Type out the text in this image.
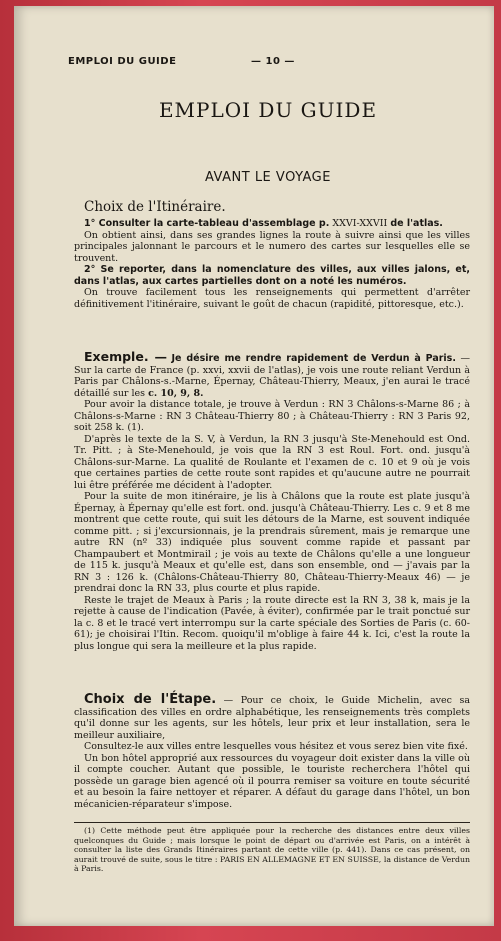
EMPLOI DU GUIDE	— 10 —
EMPLOI DU GUIDE
AVANT LE VOYAGE
Choix de l'Itinéraire.

1° Consulter la carte-tableau d'assemblage p. XXVI-XXVII de l'atlas.

On obtient ainsi, dans ses grandes lignes la route à suivre ainsi que les villes principales jalonnant le parcours et le numero des cartes sur lesquelles elle se trouvent.

2° Se reporter, dans la nomenclature des villes, aux villes jalons, et, dans l'atlas, aux cartes partielles dont on a noté les numéros.

On trouve facilement tous les renseignements qui permettent d'arrêter définitivement l'itinéraire, suivant le goût de chacun (rapidité, pittoresque, etc.).

Exemple. — Je désire me rendre rapidement de Verdun à Paris. — Sur la carte de France (p. xxvi, xxvii de l'atlas), je vois une route reliant Verdun à Paris par Châlons-s.-Marne, Épernay, Château-Thierry, Meaux, j'en aurai le tracé détaillé sur les c. 10, 9, 8.

Pour avoir la distance totale, je trouve à Verdun : RN 3 Châlons-s-Marne 86 ; à Châlons-s-Marne : RN 3 Château-Thierry 80 ; à Château-Thierry : RN 3 Paris 92, soit 258 k. (1).

D'après le texte de la S. V, à Verdun, la RN 3 jusqu'à Ste-Menehould est Ond. Tr. Pitt. ; à Ste-Menehould, je vois que la RN 3 est Roul. Fort. ond. jusqu'à Châlons-sur-Marne. La qualité de Roulante et l'examen de c. 10 et 9 où je vois que certaines parties de cette route sont rapides et qu'aucune autre ne pourrait lui être préférée me décident à l'adopter.

Pour la suite de mon itinéraire, je lis à Châlons que la route est plate jusqu'à Épernay, à Épernay qu'elle est fort. ond. jusqu'à Château-Thierry. Les c. 9 et 8 me montrent que cette route, qui suit les détours de la Marne, est souvent indiquée comme pitt. ; si j'excursionnais, je la prendrais sûrement, mais je remarque une autre RN (nº 33) indiquée plus souvent comme rapide et passant par Champaubert et Montmirail ; je vois au texte de Châlons qu'elle a une longueur de 115 k. jusqu'à Meaux et qu'elle est, dans son ensemble, ond — j'avais par la RN 3 : 126 k. (Châlons-Château-Thierry 80, Château-Thierry-Meaux 46) — je prendrai donc la RN 33, plus courte et plus rapide.

Reste le trajet de Meaux à Paris ; la route directe est la RN 3, 38 k, mais je la rejette à cause de l'indication (Pavée, à éviter), confirmée par le trait ponctué sur la c. 8 et le tracé vert interrompu sur la carte spéciale des Sorties de Paris (c. 60-61); je choisirai l'Itin. Recom. quoiqu'il m'oblige à faire 44 k. Ici, c'est la route la plus longue qui sera la meilleure et la plus rapide.

Choix de l'Étape. — Pour ce choix, le Guide Michelin, avec sa classification des villes en ordre alphabétique, les renseignements très complets qu'il donne sur les agents, sur les hôtels, leur prix et leur installation, sera le meilleur auxiliaire,

Consultez-le aux villes entre lesquelles vous hésitez et vous serez bien vite fixé.

Un bon hôtel approprié aux ressources du voyageur doit exister dans la ville où il compte coucher. Autant que possible, le touriste recherchera l'hôtel qui possède un garage bien agencé où il pourra remiser sa voiture en toute sécurité et au besoin la faire nettoyer et réparer. A défaut du garage dans l'hôtel, un bon mécanicien-réparateur s'impose.

(1) Cette méthode peut être appliquée pour la recherche des distances entre deux villes quelconques du Guide ; mais lorsque le point de départ ou d'arrivée est Paris, on a intérêt à consulter la liste des Grands Itinéraires partant de cette ville (p. 441). Dans ce cas présent, on aurait trouvé de suite, sous le titre : PARIS EN ALLEMAGNE ET EN SUISSE, la distance de Verdun à Paris.
